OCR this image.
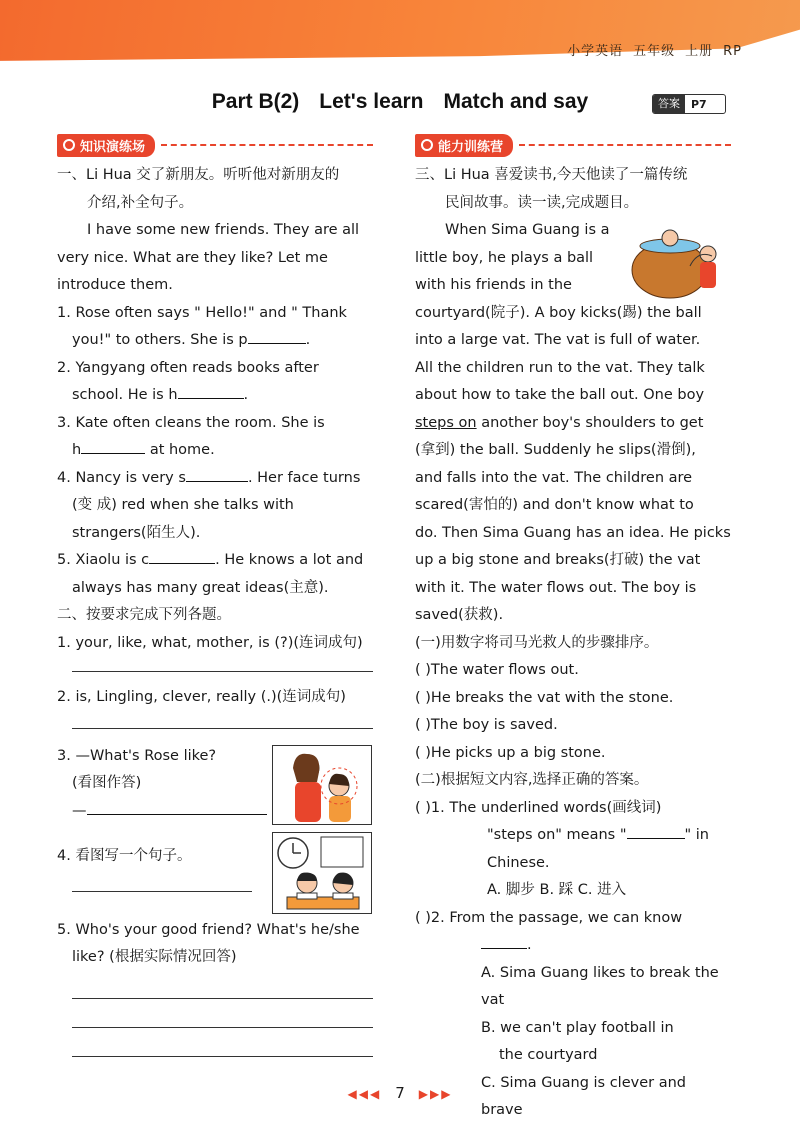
小学英语 五年级 上册 RP
Part B(2) Let's learn Match and say	答案	P7
知识演练场	能力训练营

一、Li Hua 交了新朋友。听听他对新朋友的

介绍,补全句子。

I have some new friends. They are all

very nice. What are they like? Let me

introduce them.

1. Rose often says " Hello!" and " Thank

you!" to others. She is p	.

2. Yangyang often reads books after

school. He is h	.

3. Kate often cleans the room. She is

h	at home.

4. Nancy is very s	. Her face turns

(变 成) red when she talks with

strangers(陌生人).

5. Xiaolu is c	. He knows a lot and

always has many great ideas(主意).

二、按要求完成下列各题。

1. your, like, what, mother, is (?)(连词成句)

2. is, Lingling, clever, really (.)(连词成句)

3. —What's Rose like?

(看图作答)

—

4. 看图写一个句子。

5. Who's your good friend? What's he/she

like? (根据实际情况回答)

三、Li Hua 喜爱读书,今天他读了一篇传统

民间故事。读一读,完成题目。

When Sima Guang is a

little boy, he plays a ball

with his friends in the

courtyard(院子). A boy kicks(踢) the ball

into a large vat. The vat is full of water.

All the children run to the vat. They talk

about how to take the ball out. One boy

steps on another boy's shoulders to get

(拿到) the ball. Suddenly he slips(滑倒),

and falls into the vat. The children are

scared(害怕的) and don't know what to

do. Then Sima Guang has an idea. He picks

up a big stone and breaks(打破) the vat

with it. The water flows out. The boy is

saved(获救).

(一)用数字将司马光救人的步骤排序。

( )The water flows out.

( )He breaks the vat with the stone.

( )The boy is saved.

( )He picks up a big stone.

(二)根据短文内容,选择正确的答案。

( )1. The underlined words(画线词)

"steps on" means "	" in

Chinese.

A. 脚步 B. 踩 C. 进入

( )2. From the passage, we can know

.

A. Sima Guang likes to break the vat

B. we can't play football in

the courtyard

C. Sima Guang is clever and brave

◀◀◀ 7 ▶▶▶
